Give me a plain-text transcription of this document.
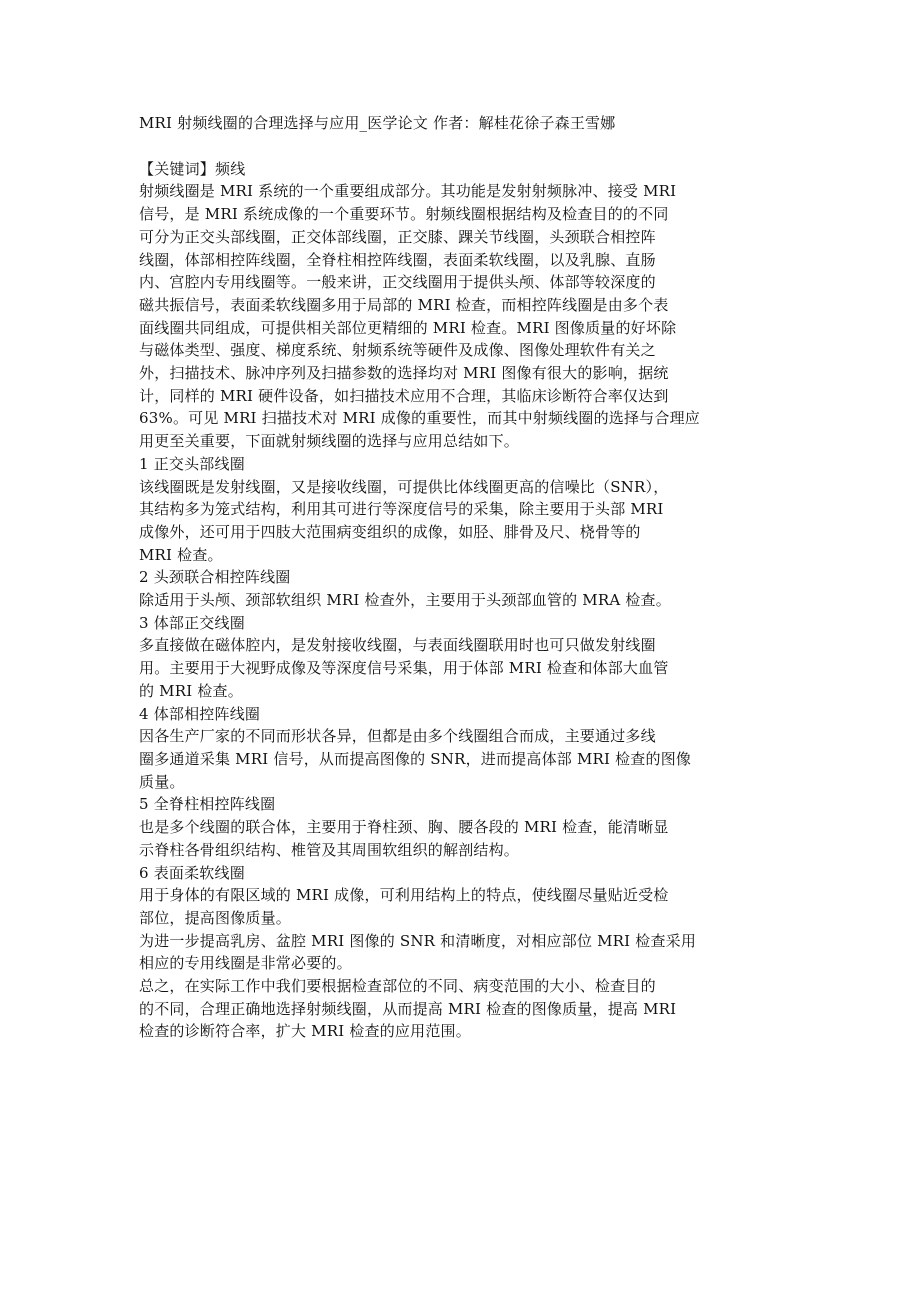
MRI 射频线圈的合理选择与应用_医学论文 作者：解桂花徐子森王雪娜

【关键词】频线

射频线圈是 MRI 系统的一个重要组成部分。其功能是发射射频脉冲、接受 MRI

信号，是 MRI 系统成像的一个重要环节。射频线圈根据结构及检查目的的不同

可分为正交头部线圈，正交体部线圈，正交膝、踝关节线圈，头颈联合相控阵

线圈，体部相控阵线圈，全脊柱相控阵线圈，表面柔软线圈，以及乳腺、直肠

内、宫腔内专用线圈等。一般来讲，正交线圈用于提供头颅、体部等较深度的

磁共振信号，表面柔软线圈多用于局部的 MRI 检查，而相控阵线圈是由多个表

面线圈共同组成，可提供相关部位更精细的 MRI 检查。MRI 图像质量的好坏除

与磁体类型、强度、梯度系统、射频系统等硬件及成像、图像处理软件有关之

外，扫描技术、脉冲序列及扫描参数的选择均对 MRI 图像有很大的影响，据统

计，同样的 MRI 硬件设备，如扫描技术应用不合理，其临床诊断符合率仅达到

63%。可见 MRI 扫描技术对 MRI 成像的重要性，而其中射频线圈的选择与合理应

用更至关重要，下面就射频线圈的选择与应用总结如下。

1 正交头部线圈

该线圈既是发射线圈，又是接收线圈，可提供比体线圈更高的信噪比（SNR），

其结构多为笼式结构，利用其可进行等深度信号的采集，除主要用于头部 MRI

成像外，还可用于四肢大范围病变组织的成像，如胫、腓骨及尺、桡骨等的

MRI 检查。

2 头颈联合相控阵线圈

除适用于头颅、颈部软组织 MRI 检查外，主要用于头颈部血管的 MRA 检查。

3 体部正交线圈

多直接做在磁体腔内，是发射接收线圈，与表面线圈联用时也可只做发射线圈

用。主要用于大视野成像及等深度信号采集，用于体部 MRI 检查和体部大血管

的 MRI 检查。

4 体部相控阵线圈

因各生产厂家的不同而形状各异，但都是由多个线圈组合而成，主要通过多线

圈多通道采集 MRI 信号，从而提高图像的 SNR，进而提高体部 MRI 检查的图像

质量。

5 全脊柱相控阵线圈

也是多个线圈的联合体，主要用于脊柱颈、胸、腰各段的 MRI 检查，能清晰显

示脊柱各骨组织结构、椎管及其周围软组织的解剖结构。

6 表面柔软线圈

用于身体的有限区域的 MRI 成像，可利用结构上的特点，使线圈尽量贴近受检

部位，提高图像质量。

为进一步提高乳房、盆腔 MRI 图像的 SNR 和清晰度，对相应部位 MRI 检查采用

相应的专用线圈是非常必要的。

总之，在实际工作中我们要根据检查部位的不同、病变范围的大小、检查目的

的不同，合理正确地选择射频线圈，从而提高 MRI 检查的图像质量，提高 MRI

检查的诊断符合率，扩大 MRI 检查的应用范围。
